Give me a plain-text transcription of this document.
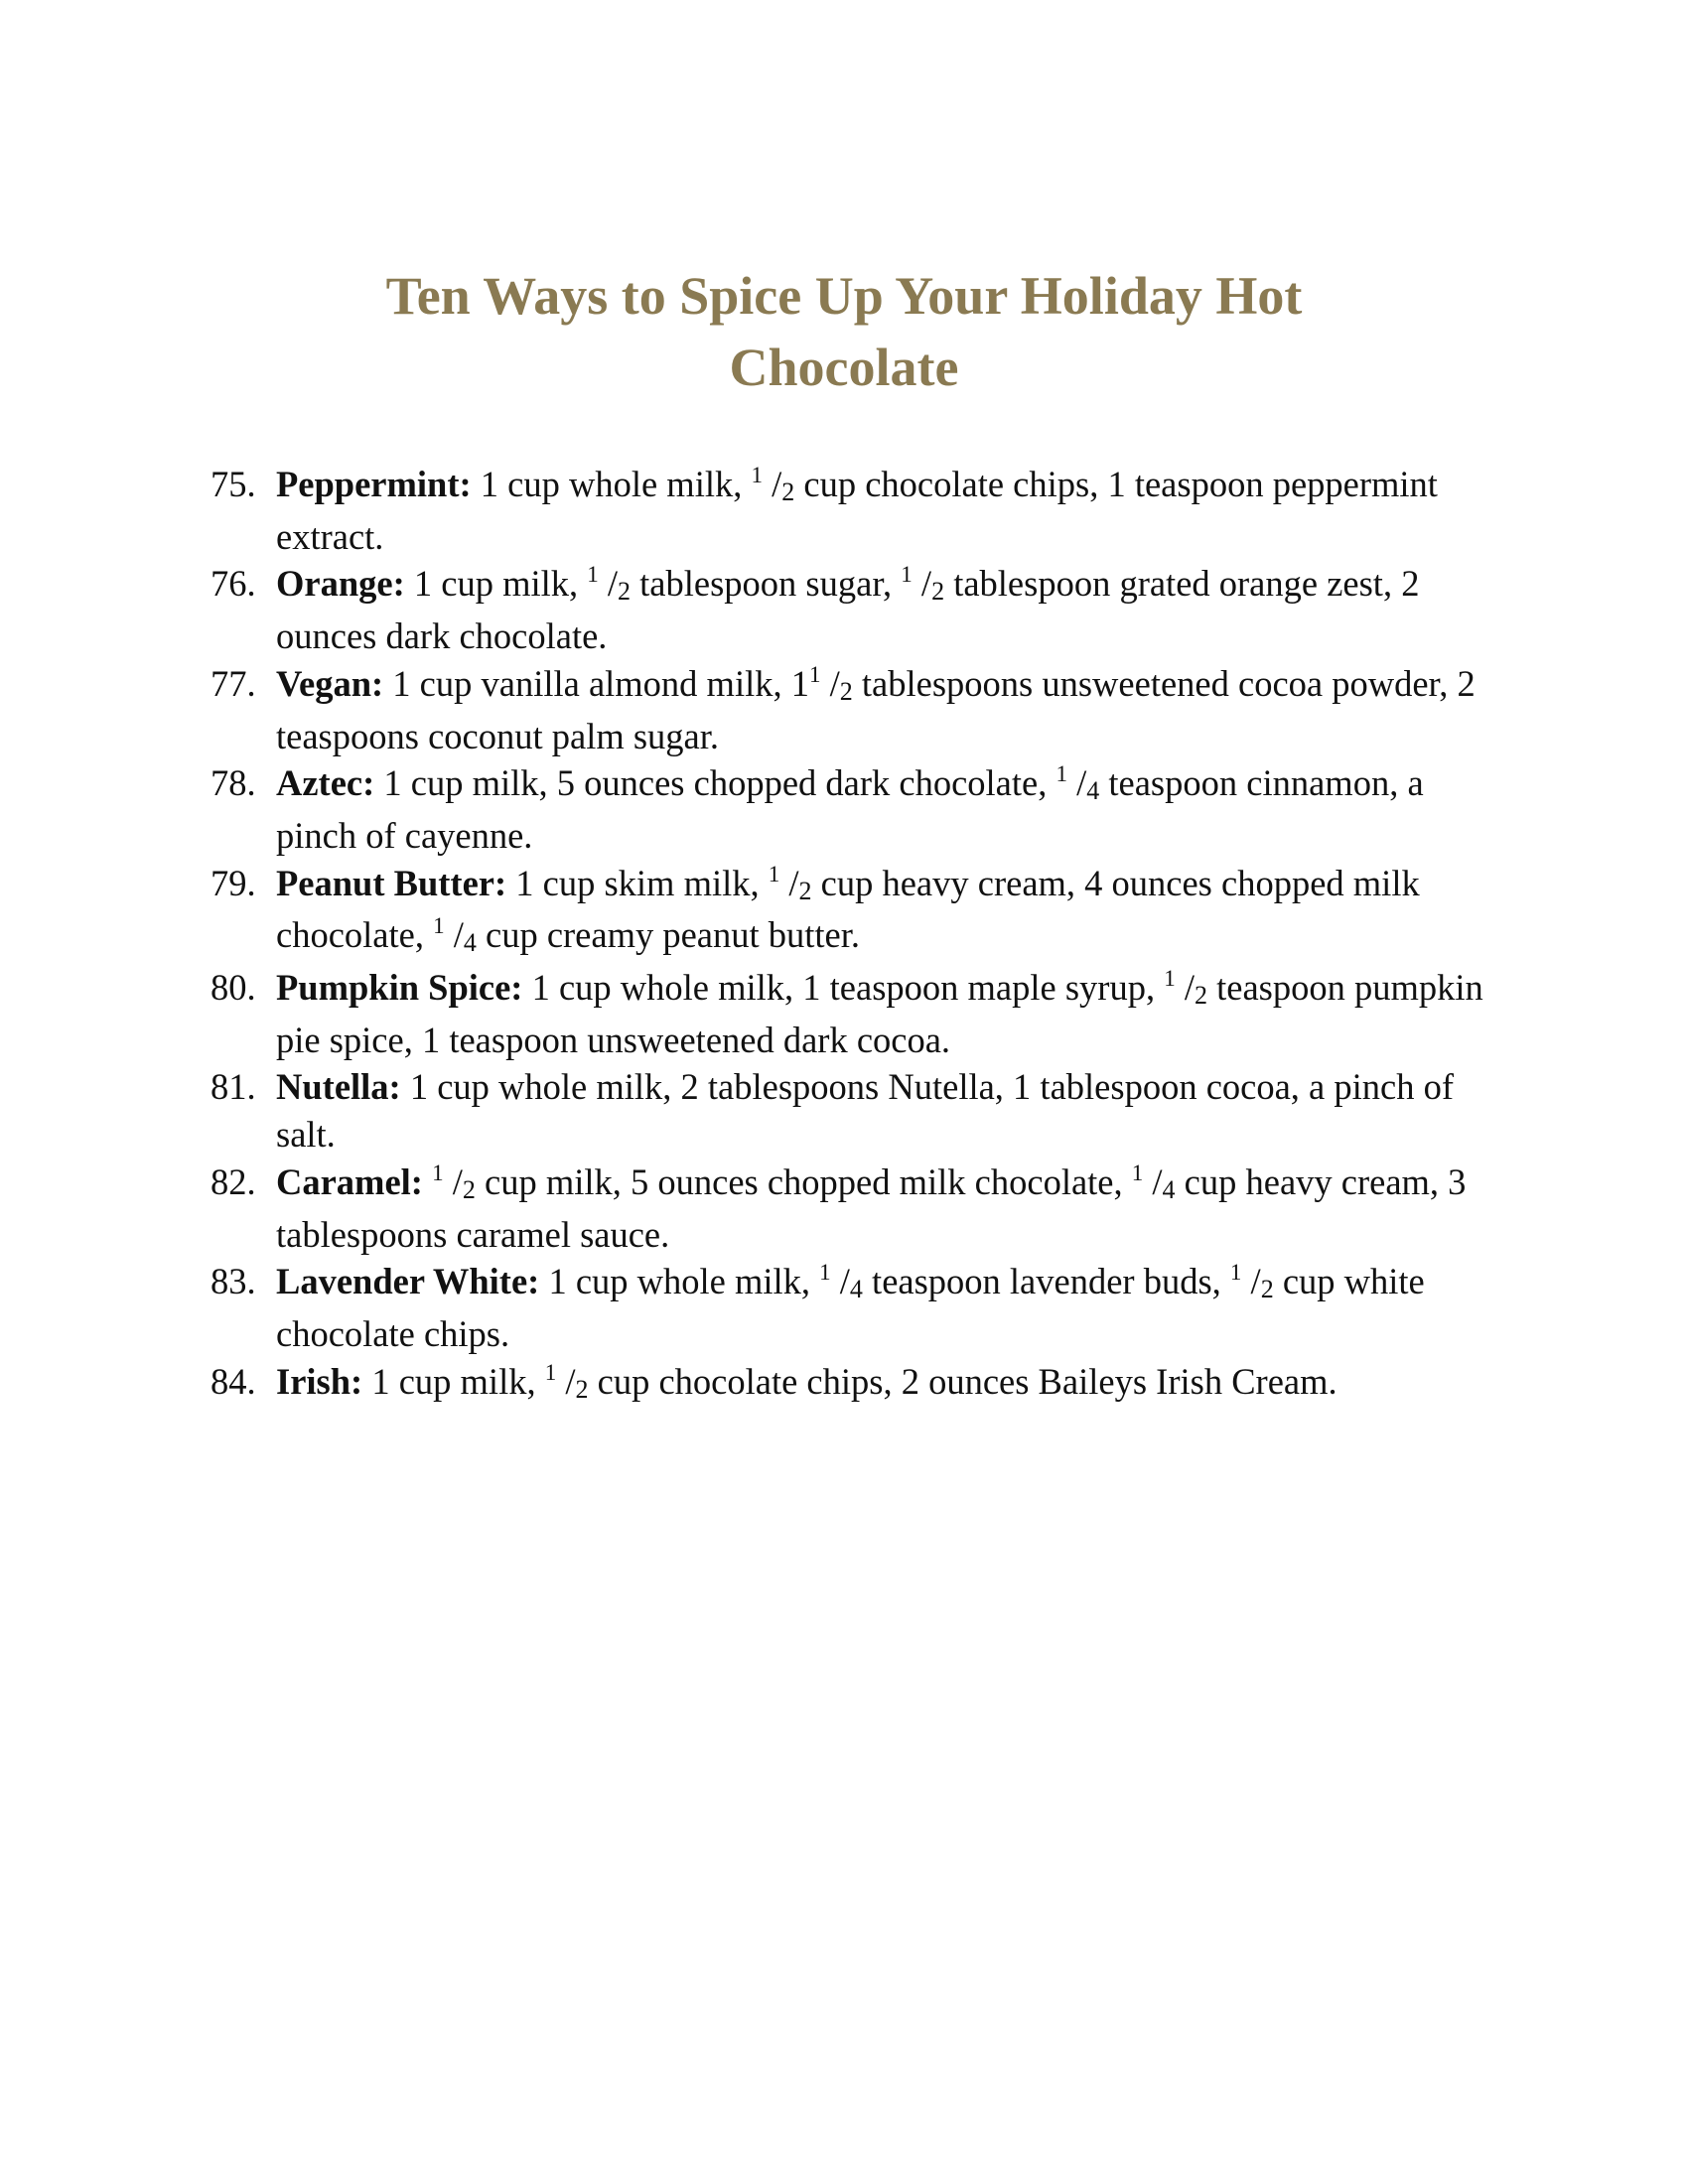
Ten Ways to Spice Up Your Holiday Hot
Chocolate
75. Peppermint: 1 cup whole milk, $^1$ $/_2$ cup chocolate chips, 1 teaspoon peppermint extract.
76. Orange: 1 cup milk, $^1$ $/_2$ tablespoon sugar, $^1$ $/_2$ tablespoon grated orange zest, 2 ounces dark chocolate.
77. Vegan: 1 cup vanilla almond milk, $1^1$ $/_2$ tablespoons unsweetened cocoa powder, 2 teaspoons coconut palm sugar.
78. Aztec: 1 cup milk, 5 ounces chopped dark chocolate, $^1$ $/_4$ teaspoon cinnamon, a pinch of cayenne.
79. Peanut Butter: 1 cup skim milk, $^1$ $/_2$ cup heavy cream, 4 ounces chopped milk chocolate, $^1$ $/_4$ cup creamy peanut butter.
80. Pumpkin Spice: 1 cup whole milk, 1 teaspoon maple syrup, $^1$ $/_2$ teaspoon pumpkin pie spice, 1 teaspoon unsweetened dark cocoa.
81. Nutella: 1 cup whole milk, 2 tablespoons Nutella, 1 tablespoon cocoa, a pinch of salt.
82. Caramel: $^1$ $/_2$ cup milk, 5 ounces chopped milk chocolate, $^1$ $/_4$ cup heavy cream, 3 tablespoons caramel sauce.
83. Lavender White: 1 cup whole milk, $^1$ $/_4$ teaspoon lavender buds, $^1$ $/_2$ cup white chocolate chips.
84. Irish: 1 cup milk, $^1$ $/_2$ cup chocolate chips, 2 ounces Baileys Irish Cream.
